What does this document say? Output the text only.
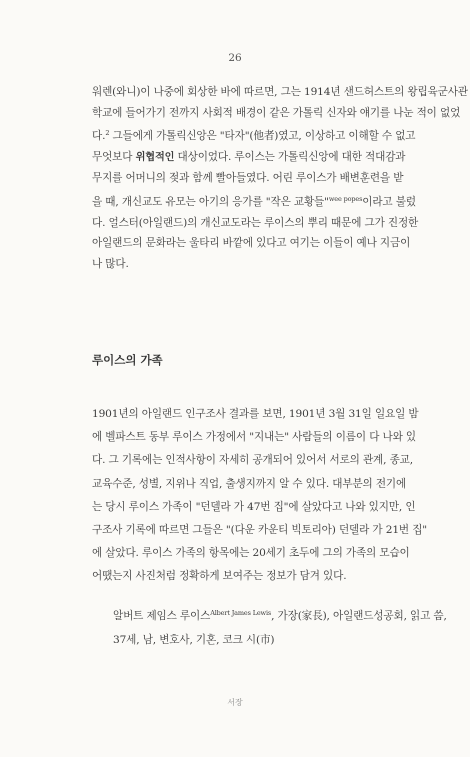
26
워렌(와니)이 나중에 회상한 바에 따르면, 그는 1914년 샌드허스트의 왕립육군사관
학교에 들어가기 전까지 사회적 배경이 같은 가톨릭 신자와 얘기를 나눈 적이 없었
다.$^2$ 그들에게 가톨릭신앙은 "타자"(他者)였고, 이상하고 이해할 수 없고
무엇보다 위협적인 대상이었다. 루이스는 가톨릭신앙에 대한 적대감과
무지를 어머니의 젖과 함께 빨아들였다. 어린 루이스가 배변훈련을 받
을 때, 개신교도 유모는 아기의 응가를 "작은 교황들"$^{wee popes}$이라고 불렀
다. 얼스터(아일랜드)의 개신교도라는 루이스의 뿌리 때문에 그가 진정한
아일랜드의 문화라는 울타리 바깥에 있다고 여기는 이들이 예나 지금이
나 많다.
루이스의 가족
1901년의 아일랜드 인구조사 결과를 보면, 1901년 3월 31일 일요일 밤
에 벨파스트 동부 루이스 가정에서 "지내는" 사람들의 이름이 다 나와 있
다. 그 기록에는 인적사항이 자세히 공개되어 있어서 서로의 관계, 종교,
교육수준, 성별, 지위나 직업, 출생지까지 알 수 있다. 대부분의 전기에
는 당시 루이스 가족이 "던델라 가 47번 집"에 살았다고 나와 있지만, 인
구조사 기록에 따르면 그들은 "(다운 카운티 빅토리아) 던델라 가 21번 집"
에 살았다. 루이스 가족의 항목에는 20세기 초두에 그의 가족의 모습이
어땠는지 사진처럼 정확하게 보여주는 정보가 담겨 있다.
알버트 제임스 루이스$^{Albert James Lewis}$, 가장(家長), 아일랜드성공회, 읽고 씀,
37세, 남, 변호사, 기혼, 코크 시(市)
서장
